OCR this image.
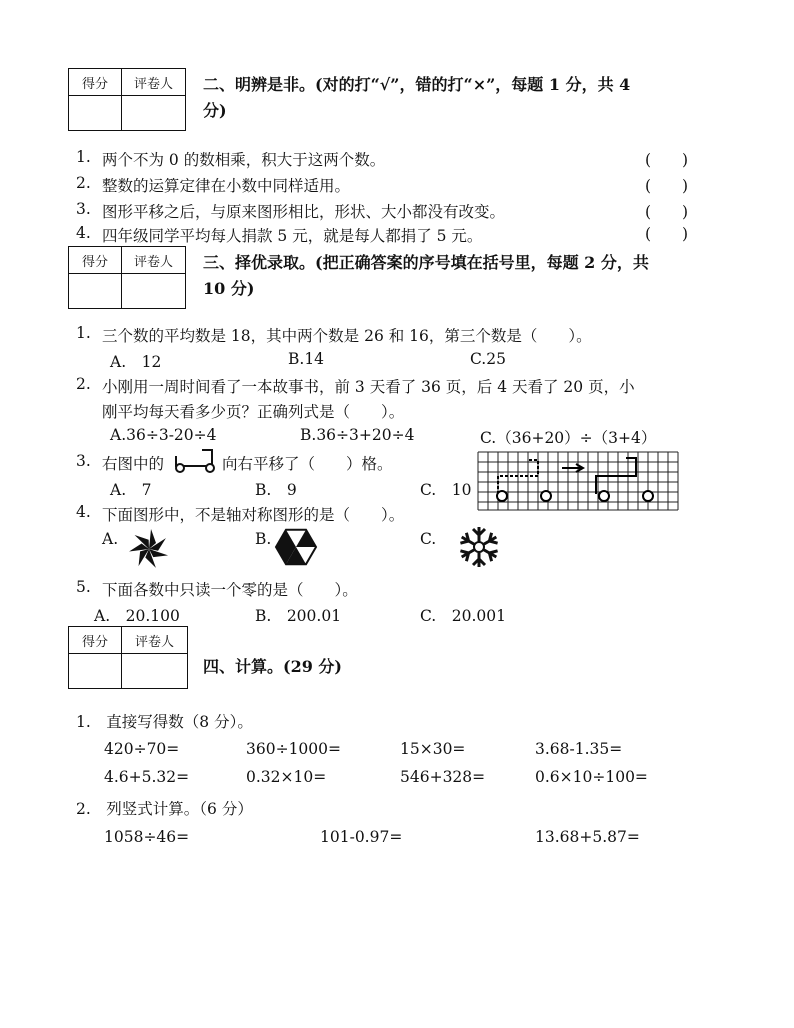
得分	评卷人
	二、明辨是非。(对的打“√”，错的打“×”，每题 1 分，共 4
分)
1. 两个不为 0 的数相乘，积大于这两个数。	(　　)
2. 整数的运算定律在小数中同样适用。	(　　)
3. 图形平移之后，与原来图形相比，形状、大小都没有改变。	(　　)
4. 四年级同学平均每人捐款 5 元，就是每人都捐了 5 元。	(　　)
得分	评卷人
	三、择优录取。(把正确答案的序号填在括号里，每题 2 分，共
10 分)
1. 三个数的平均数是 18，其中两个数是 26 和 16，第三个数是（　　）。
A.　12	B.14	C.25
2. 小刚用一周时间看了一本故事书，前 3 天看了 36 页，后 4 天看了 20 页，小
刚平均每天看多少页？正确列式是（　　）。
A.36÷3-20÷4	B.36÷3+20÷4	C.（36+20）÷（3+4）
3. 右图中的	向右平移了（　　）格。
A.　7	B.　9	C.　10
4. 下面图形中，不是轴对称图形的是（　　）。
A.	B.	C.
5. 下面各数中只读一个零的是（　　）。
A.　20.100	B.　200.01	C.　20.001
得分	评卷人

四、计算。(29 分)
1.　直接写得数（8 分）。
420÷70=	360÷1000=	15×30=	3.68-1.35=
4.6+5.32=	0.32×10=	546+328=	0.6×10÷100=
2.　列竖式计算。（6 分）
1058÷46=	101-0.97=	13.68+5.87=
